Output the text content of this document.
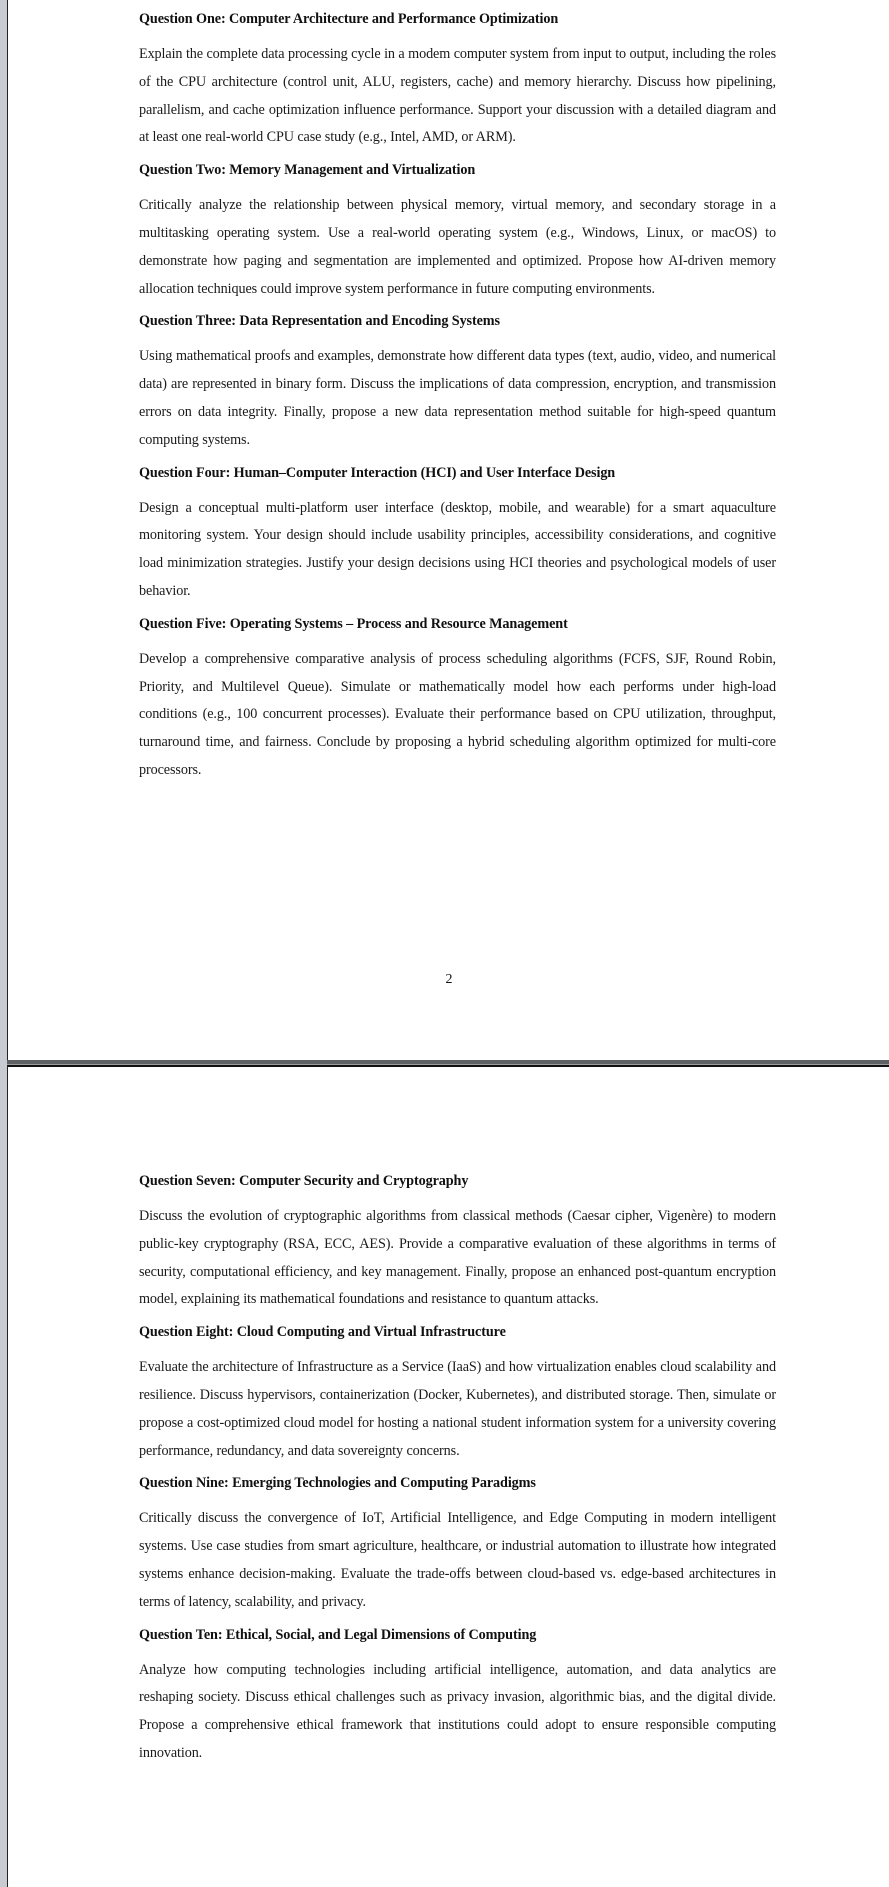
Question One: Computer Architecture and Performance Optimization

Explain the complete data processing cycle in a modem computer system from input to output, including the roles of the CPU architecture (control unit, ALU, registers, cache) and memory hierarchy. Discuss how pipelining, parallelism, and cache optimization influence performance. Support your discussion with a detailed diagram and at least one real-world CPU case study (e.g., Intel, AMD, or ARM).

Question Two: Memory Management and Virtualization

Critically analyze the relationship between physical memory, virtual memory, and secondary storage in a multitasking operating system. Use a real-world operating system (e.g., Windows, Linux, or macOS) to demonstrate how paging and segmentation are implemented and optimized. Propose how AI-driven memory allocation techniques could improve system performance in future computing environments.

Question Three: Data Representation and Encoding Systems

Using mathematical proofs and examples, demonstrate how different data types (text, audio, video, and numerical data) are represented in binary form. Discuss the implications of data compression, encryption, and transmission errors on data integrity. Finally, propose a new data representation method suitable for high-speed quantum computing systems.

Question Four: Human–Computer Interaction (HCI) and User Interface Design

Design a conceptual multi-platform user interface (desktop, mobile, and wearable) for a smart aquaculture monitoring system. Your design should include usability principles, accessibility considerations, and cognitive load minimization strategies. Justify your design decisions using HCI theories and psychological models of user behavior.

Question Five: Operating Systems – Process and Resource Management

Develop a comprehensive comparative analysis of process scheduling algorithms (FCFS, SJF, Round Robin, Priority, and Multilevel Queue). Simulate or mathematically model how each performs under high-load conditions (e.g., 100 concurrent processes). Evaluate their performance based on CPU utilization, throughput, turnaround time, and fairness. Conclude by proposing a hybrid scheduling algorithm optimized for multi-core processors.

2
Question Seven: Computer Security and Cryptography

Discuss the evolution of cryptographic algorithms from classical methods (Caesar cipher, Vigenère) to modern public-key cryptography (RSA, ECC, AES). Provide a comparative evaluation of these algorithms in terms of security, computational efficiency, and key management. Finally, propose an enhanced post-quantum encryption model, explaining its mathematical foundations and resistance to quantum attacks.

Question Eight: Cloud Computing and Virtual Infrastructure

Evaluate the architecture of Infrastructure as a Service (IaaS) and how virtualization enables cloud scalability and resilience. Discuss hypervisors, containerization (Docker, Kubernetes), and distributed storage. Then, simulate or propose a cost-optimized cloud model for hosting a national student information system for a university covering performance, redundancy, and data sovereignty concerns.

Question Nine: Emerging Technologies and Computing Paradigms

Critically discuss the convergence of IoT, Artificial Intelligence, and Edge Computing in modern intelligent systems. Use case studies from smart agriculture, healthcare, or industrial automation to illustrate how integrated systems enhance decision-making. Evaluate the trade-offs between cloud-based vs. edge-based architectures in terms of latency, scalability, and privacy.

Question Ten: Ethical, Social, and Legal Dimensions of Computing

Analyze how computing technologies including artificial intelligence, automation, and data analytics are reshaping society. Discuss ethical challenges such as privacy invasion, algorithmic bias, and the digital divide. Propose a comprehensive ethical framework that institutions could adopt to ensure responsible computing innovation.
